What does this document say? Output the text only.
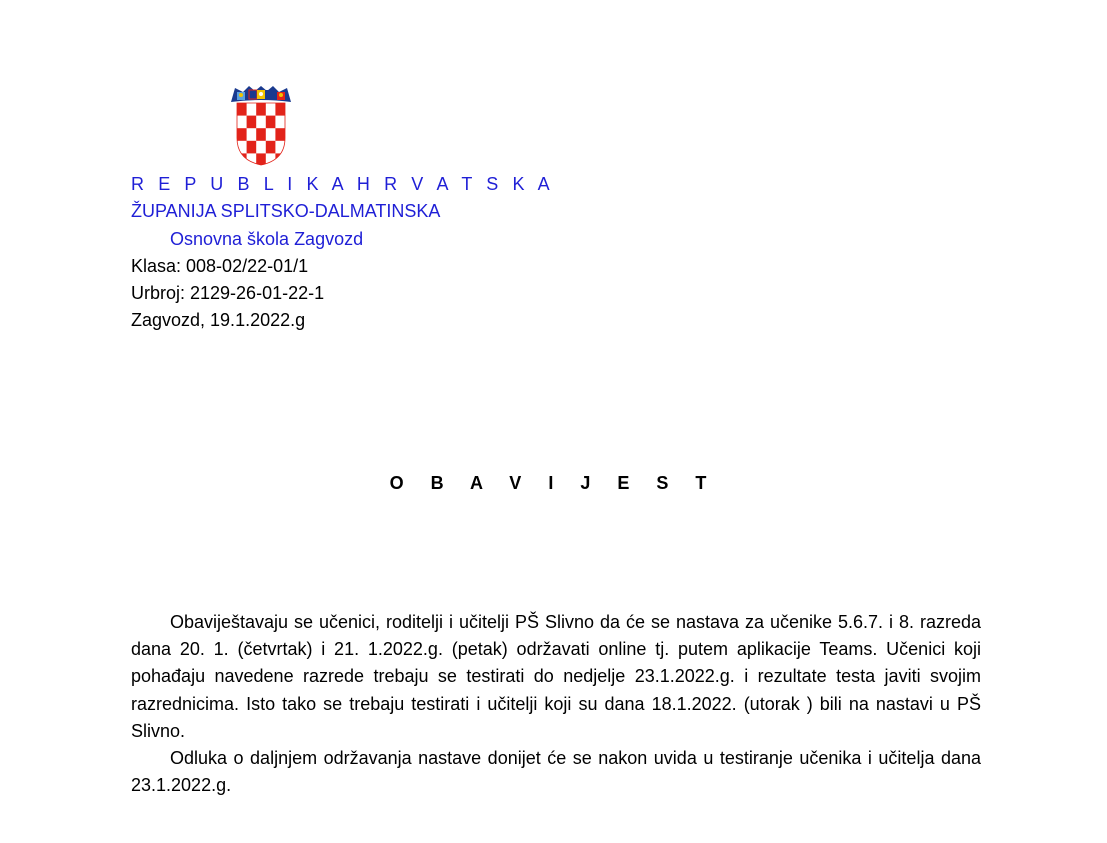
R E P U B L I K A H R V A T S K A
ŽUPANIJA SPLITSKO-DALMATINSKA
Osnovna škola Zagvozd
Klasa: 008-02/22-01/1
Urbroj: 2129-26-01-22-1
Zagvozd, 19.1.2022.g
O B A V I J E S T

Obaviještavaju se učenici, roditelji i učitelji PŠ Slivno da će se nastava za učenike 5.6.7. i 8. razreda dana 20. 1. (četvrtak) i 21. 1.2022.g. (petak) održavati online tj. putem aplikacije Teams. Učenici koji pohađaju navedene razrede trebaju se testirati do nedjelje 23.1.2022.g. i rezultate testa javiti svojim razrednicima. Isto tako se trebaju testirati i učitelji koji su dana 18.1.2022. (utorak ) bili na nastavi u PŠ Slivno.

Odluka o daljnjem održavanja nastave donijet će se nakon uvida u testiranje učenika i učitelja dana 23.1.2022.g.
